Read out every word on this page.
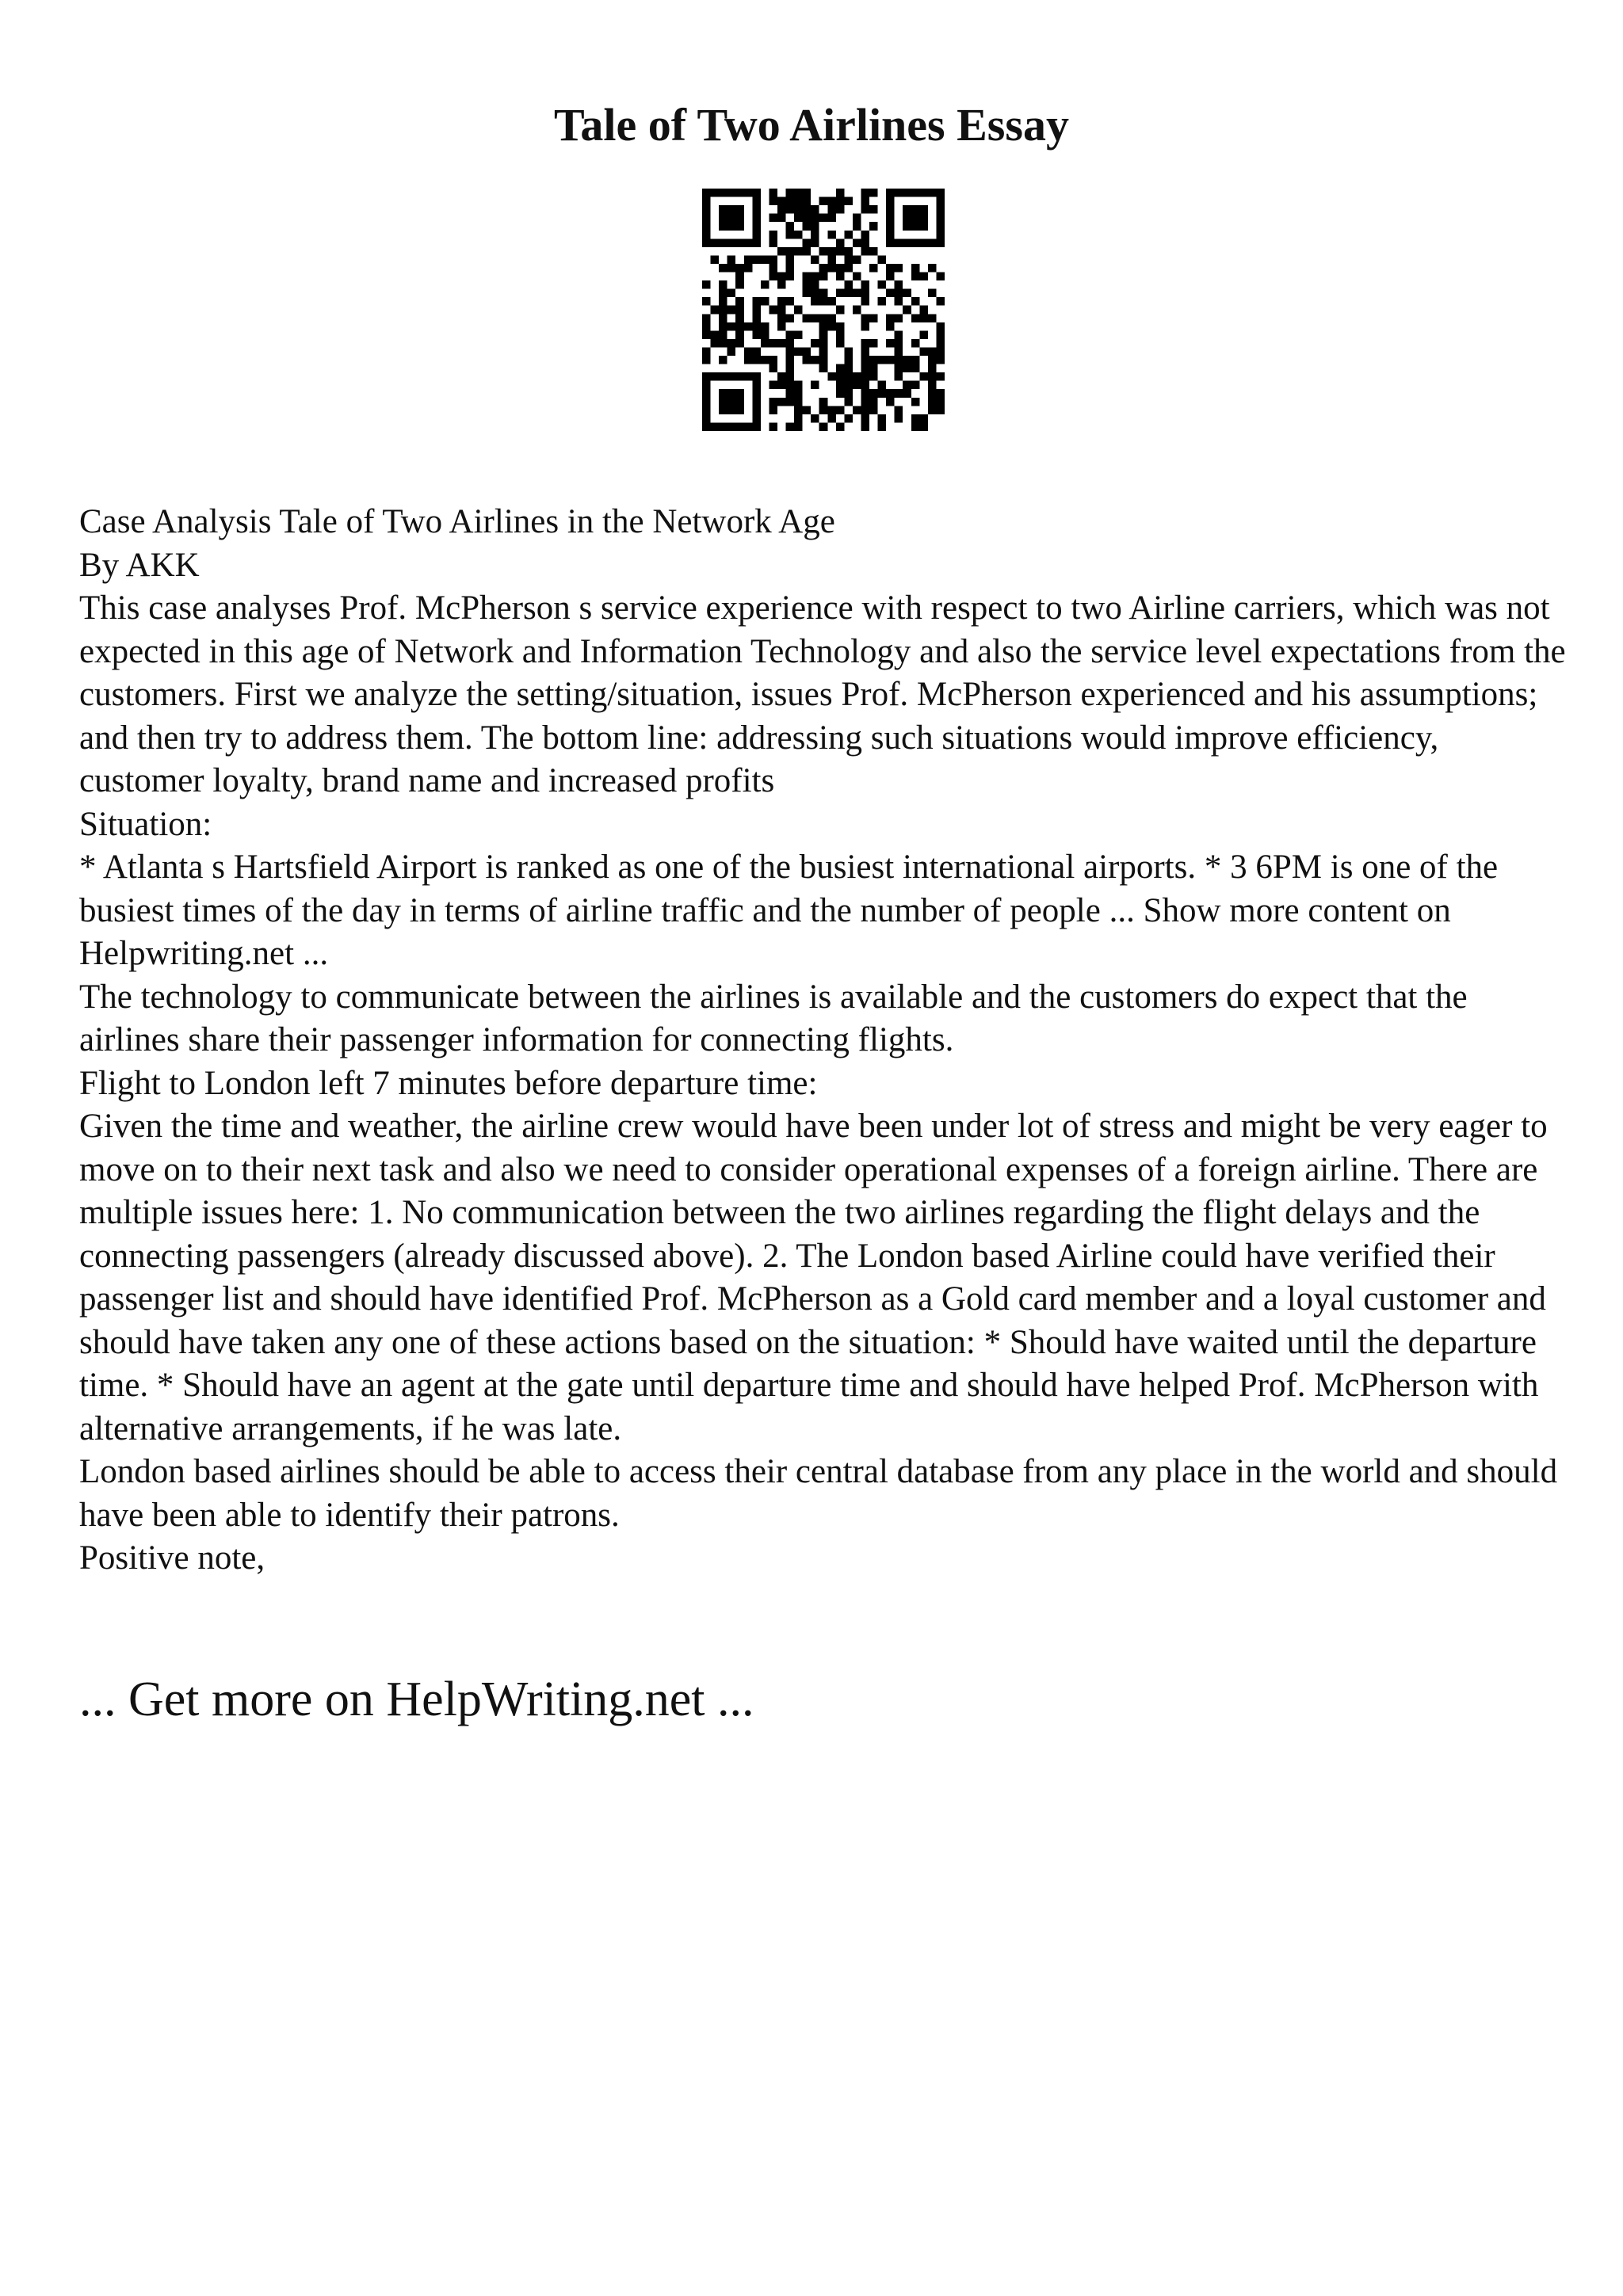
Tale of Two Airlines Essay

Case Analysis Tale of Two Airlines in the Network Age

By AKK

This case analyses Prof. McPherson s service experience with respect to two Airline carriers, which was not expected in this age of Network and Information Technology and also the service level expectations from the customers. First we analyze the setting/situation, issues Prof. McPherson experienced and his assumptions; and then try to address them. The bottom line: addressing such situations would improve efficiency, customer loyalty, brand name and increased profits

Situation:

* Atlanta s Hartsfield Airport is ranked as one of the busiest international airports. * 3 6PM is one of the busiest times of the day in terms of airline traffic and the number of people ... Show more content on Helpwriting.net ...

The technology to communicate between the airlines is available and the customers do expect that the airlines share their passenger information for connecting flights.

Flight to London left 7 minutes before departure time:

Given the time and weather, the airline crew would have been under lot of stress and might be very eager to move on to their next task and also we need to consider operational expenses of a foreign airline. There are multiple issues here: 1. No communication between the two airlines regarding the flight delays and the connecting passengers (already discussed above). 2. The London based Airline could have verified their passenger list and should have identified Prof. McPherson as a Gold card member and a loyal customer and should have taken any one of these actions based on the situation: * Should have waited until the departure time. * Should have an agent at the gate until departure time and should have helped Prof. McPherson with alternative arrangements, if he was late.

London based airlines should be able to access their central database from any place in the world and should have been able to identify their patrons.

Positive note,

... Get more on HelpWriting.net ...
